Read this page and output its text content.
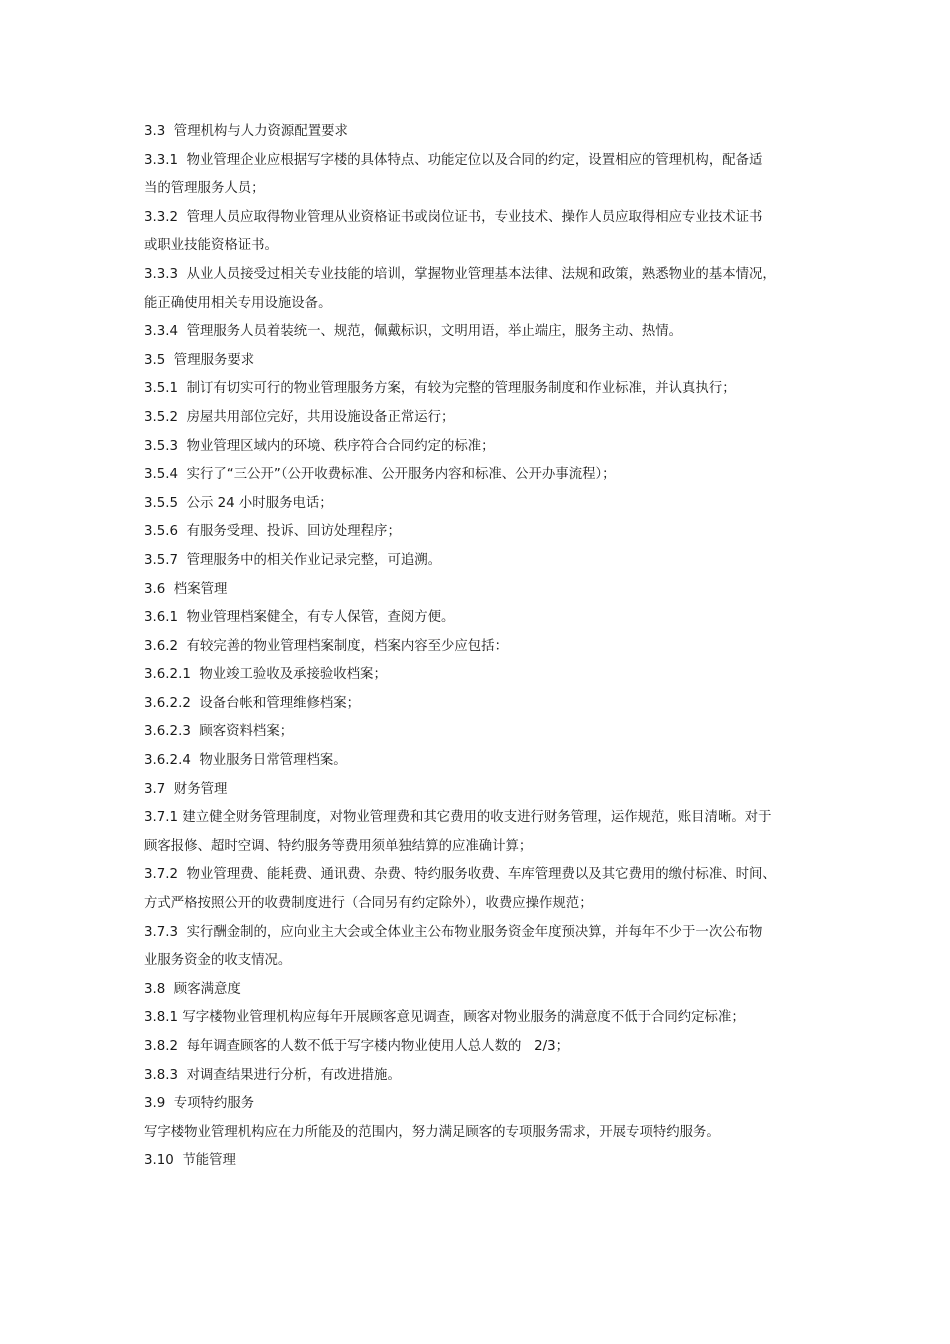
3.3  管理机构与人力资源配置要求
3.3.1  物业管理企业应根据写字楼的具体特点、功能定位以及合同的约定，设置相应的管理机构，配备适
当的管理服务人员；
3.3.2  管理人员应取得物业管理从业资格证书或岗位证书，专业技术、操作人员应取得相应专业技术证书
或职业技能资格证书。
3.3.3  从业人员接受过相关专业技能的培训，掌握物业管理基本法律、法规和政策，熟悉物业的基本情况，
能正确使用相关专用设施设备。
3.3.4  管理服务人员着装统一、规范，佩戴标识，文明用语，举止端庄，服务主动、热情。
3.5  管理服务要求
3.5.1  制订有切实可行的物业管理服务方案，有较为完整的管理服务制度和作业标准，并认真执行；
3.5.2  房屋共用部位完好，共用设施设备正常运行；
3.5.3  物业管理区域内的环境、秩序符合合同约定的标准；
3.5.4  实行了“三公开”（公开收费标准、公开服务内容和标准、公开办事流程）；
3.5.5  公示 24 小时服务电话；
3.5.6  有服务受理、投诉、回访处理程序；
3.5.7  管理服务中的相关作业记录完整，可追溯。
3.6  档案管理
3.6.1  物业管理档案健全，有专人保管，查阅方便。
3.6.2  有较完善的物业管理档案制度，档案内容至少应包括：
3.6.2.1  物业竣工验收及承接验收档案；
3.6.2.2  设备台帐和管理维修档案；
3.6.2.3  顾客资料档案；
3.6.2.4  物业服务日常管理档案。
3.7  财务管理
3.7.1 建立健全财务管理制度，对物业管理费和其它费用的收支进行财务管理，运作规范，账目清晰。对于
顾客报修、超时空调、特约服务等费用须单独结算的应准确计算；
3.7.2  物业管理费、能耗费、通讯费、杂费、特约服务收费、车库管理费以及其它费用的缴付标准、时间、
方式严格按照公开的收费制度进行（合同另有约定除外），收费应操作规范；
3.7.3  实行酬金制的，应向业主大会或全体业主公布物业服务资金年度预决算，并每年不少于一次公布物
业服务资金的收支情况。
3.8  顾客满意度
3.8.1 写字楼物业管理机构应每年开展顾客意见调查，顾客对物业服务的满意度不低于合同约定标准；
3.8.2  每年调查顾客的人数不低于写字楼内物业使用人总人数的   2/3；
3.8.3  对调查结果进行分析，有改进措施。
3.9  专项特约服务
写字楼物业管理机构应在力所能及的范围内，努力满足顾客的专项服务需求，开展专项特约服务。
3.10  节能管理
